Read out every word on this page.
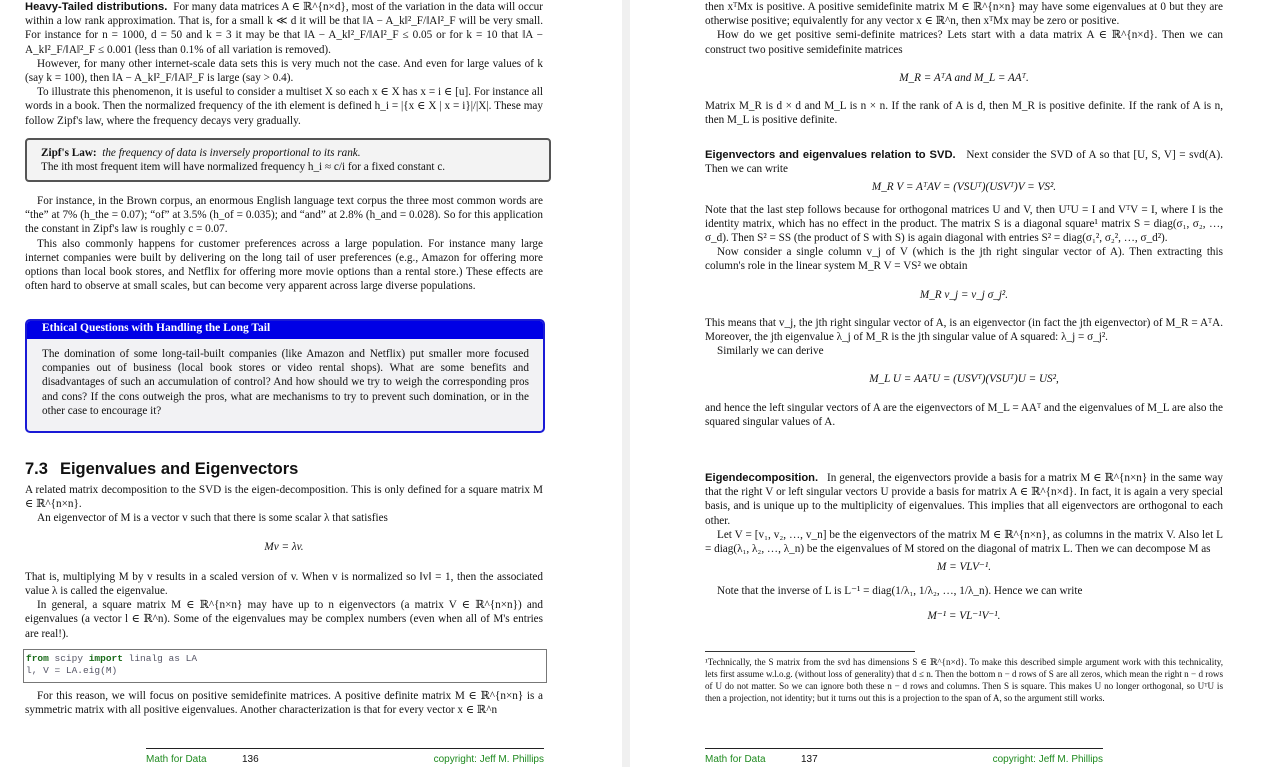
Heavy-Tailed distributions. For many data matrices A ∈ ℝ^{n×d}, most of the variation in the data will occur within a low rank approximation. That is, for a small k ≪ d it will be that ‖A − A_k‖²_F/‖A‖²_F will be very small. For instance for n = 1000, d = 50 and k = 3 it may be that ‖A − A_k‖²_F/‖A‖²_F ≤ 0.05 or for k = 10 that ‖A − A_k‖²_F/‖A‖²_F ≤ 0.001 (less than 0.1% of all variation is removed).

However, for many other internet-scale data sets this is very much not the case. And even for large values of k (say k = 100), then ‖A − A_k‖²_F/‖A‖²_F is large (say > 0.4).

To illustrate this phenomenon, it is useful to consider a multiset X so each x ∈ X has x = i ∈ [u]. For instance all words in a book. Then the normalized frequency of the ith element is defined h_i = |{x ∈ X | x = i}|/|X|. These may follow Zipf's law, where the frequency decays very gradually.

Zipf's Law: the frequency of data is inversely proportional to its rank.
The ith most frequent item will have normalized frequency h_i ≈ c/i for a fixed constant c.

For instance, in the Brown corpus, an enormous English language text corpus the three most common words are “the” at 7% (h_the = 0.07); “of” at 3.5% (h_of = 0.035); and “and” at 2.8% (h_and = 0.028). So for this application the constant in Zipf's law is roughly c = 0.07.

This also commonly happens for customer preferences across a large population. For instance many large internet companies were built by delivering on the long tail of user preferences (e.g., Amazon for offering more options than local book stores, and Netflix for offering more movie options than a rental store.) These effects are often hard to observe at small scales, but can become very apparent across large diverse populations.

Ethical Questions with Handling the Long Tail
The domination of some long-tail-built companies (like Amazon and Netflix) put smaller more focused companies out of business (local book stores or video rental shops). What are some benefits and disadvantages of such an accumulation of control? And how should we try to weigh the corresponding pros and cons? If the cons outweigh the pros, what are mechanisms to try to prevent such domination, or in the other case to encourage it?
7.3 Eigenvalues and Eigenvectors

A related matrix decomposition to the SVD is the eigen-decomposition. This is only defined for a square matrix M ∈ ℝ^{n×n}.

An eigenvector of M is a vector v such that there is some scalar λ that satisfies

Mv = λv.

That is, multiplying M by v results in a scaled version of v. When v is normalized so ‖v‖ = 1, then the associated value λ is called the eigenvalue.

In general, a square matrix M ∈ ℝ^{n×n} may have up to n eigenvectors (a matrix V ∈ ℝ^{n×n}) and eigenvalues (a vector l ∈ ℝ^n). Some of the eigenvalues may be complex numbers (even when all of M's entries are real!).

from scipy import linalg as LA
l, V = LA.eig(M)

For this reason, we will focus on positive semidefinite matrices. A positive definite matrix M ∈ ℝ^{n×n} is a symmetric matrix with all positive eigenvalues. Another characterization is that for every vector x ∈ ℝ^n

Math for Data	136	copyright: Jeff M. Phillips

then xᵀMx is positive. A positive semidefinite matrix M ∈ ℝ^{n×n} may have some eigenvalues at 0 but they are otherwise positive; equivalently for any vector x ∈ ℝ^n, then xᵀMx may be zero or positive.

How do we get positive semi-definite matrices? Lets start with a data matrix A ∈ ℝ^{n×d}. Then we can construct two positive semidefinite matrices

M_R = AᵀA and M_L = AAᵀ.

Matrix M_R is d × d and M_L is n × n. If the rank of A is d, then M_R is positive definite. If the rank of A is n, then M_L is positive definite.

Eigenvectors and eigenvalues relation to SVD. Next consider the SVD of A so that [U, S, V] = svd(A). Then we can write

M_R V = AᵀAV = (VSUᵀ)(USVᵀ)V = VS².

Note that the last step follows because for orthogonal matrices U and V, then UᵀU = I and VᵀV = I, where I is the identity matrix, which has no effect in the product. The matrix S is a diagonal square¹ matrix S = diag(σ₁, σ₂, …, σ_d). Then S² = SS (the product of S with S) is again diagonal with entries S² = diag(σ₁², σ₂², …, σ_d²).

Now consider a single column v_j of V (which is the jth right singular vector of A). Then extracting this column's role in the linear system M_R V = VS² we obtain

M_R v_j = v_j σ_j².

This means that v_j, the jth right singular vector of A, is an eigenvector (in fact the jth eigenvector) of M_R = AᵀA. Moreover, the jth eigenvalue λ_j of M_R is the jth singular value of A squared: λ_j = σ_j².

Similarly we can derive

M_L U = AAᵀU = (USVᵀ)(VSUᵀ)U = US²,

and hence the left singular vectors of A are the eigenvectors of M_L = AAᵀ and the eigenvalues of M_L are also the squared singular values of A.

Eigendecomposition. In general, the eigenvectors provide a basis for a matrix M ∈ ℝ^{n×n} in the same way that the right V or left singular vectors U provide a basis for matrix A ∈ ℝ^{n×d}. In fact, it is again a very special basis, and is unique up to the multiplicity of eigenvalues. This implies that all eigenvectors are orthogonal to each other.

Let V = [v₁, v₂, …, v_n] be the eigenvectors of the matrix M ∈ ℝ^{n×n}, as columns in the matrix V. Also let L = diag(λ₁, λ₂, …, λ_n) be the eigenvalues of M stored on the diagonal of matrix L. Then we can decompose M as

M = VLV⁻¹.

Note that the inverse of L is L⁻¹ = diag(1/λ₁, 1/λ₂, …, 1/λ_n). Hence we can write

M⁻¹ = VL⁻¹V⁻¹.

¹Technically, the S matrix from the svd has dimensions S ∈ ℝ^{n×d}. To make this described simple argument work with this technicality, lets first assume w.l.o.g. (without loss of generality) that d ≤ n. Then the bottom n − d rows of S are all zeros, which mean the right n − d rows of U do not matter. So we can ignore both these n − d rows and columns. Then S is square. This makes U no longer orthogonal, so UᵀU is then a projection, not identity; but it turns out this is a projection to the span of A, so the argument still works.
Math for Data	137	copyright: Jeff M. Phillips
